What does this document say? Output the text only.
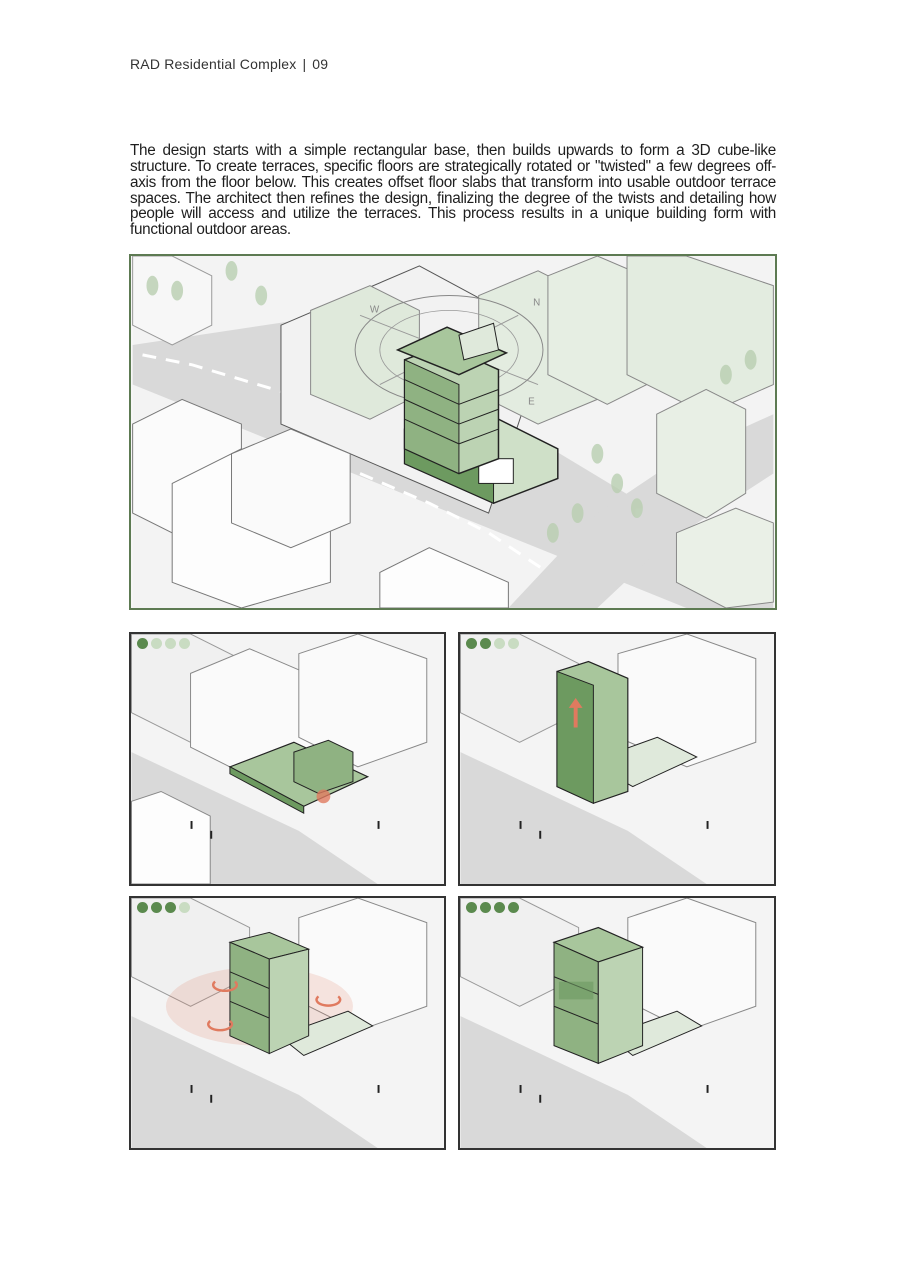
RAD Residential Complex | 09

The design starts with a simple rectangular base, then builds upwards to form a 3D cube-like structure. To create terraces, specific floors are strategically rotated or "twisted" a few degrees off-axis from the floor below. This creates offset floor slabs that transform into usable outdoor terrace spaces. The architect then refines the design, finalizing the degree of the twists and detailing how people will access and utilize the terraces. This process results in a unique building form with functional outdoor areas.

W
N
E
